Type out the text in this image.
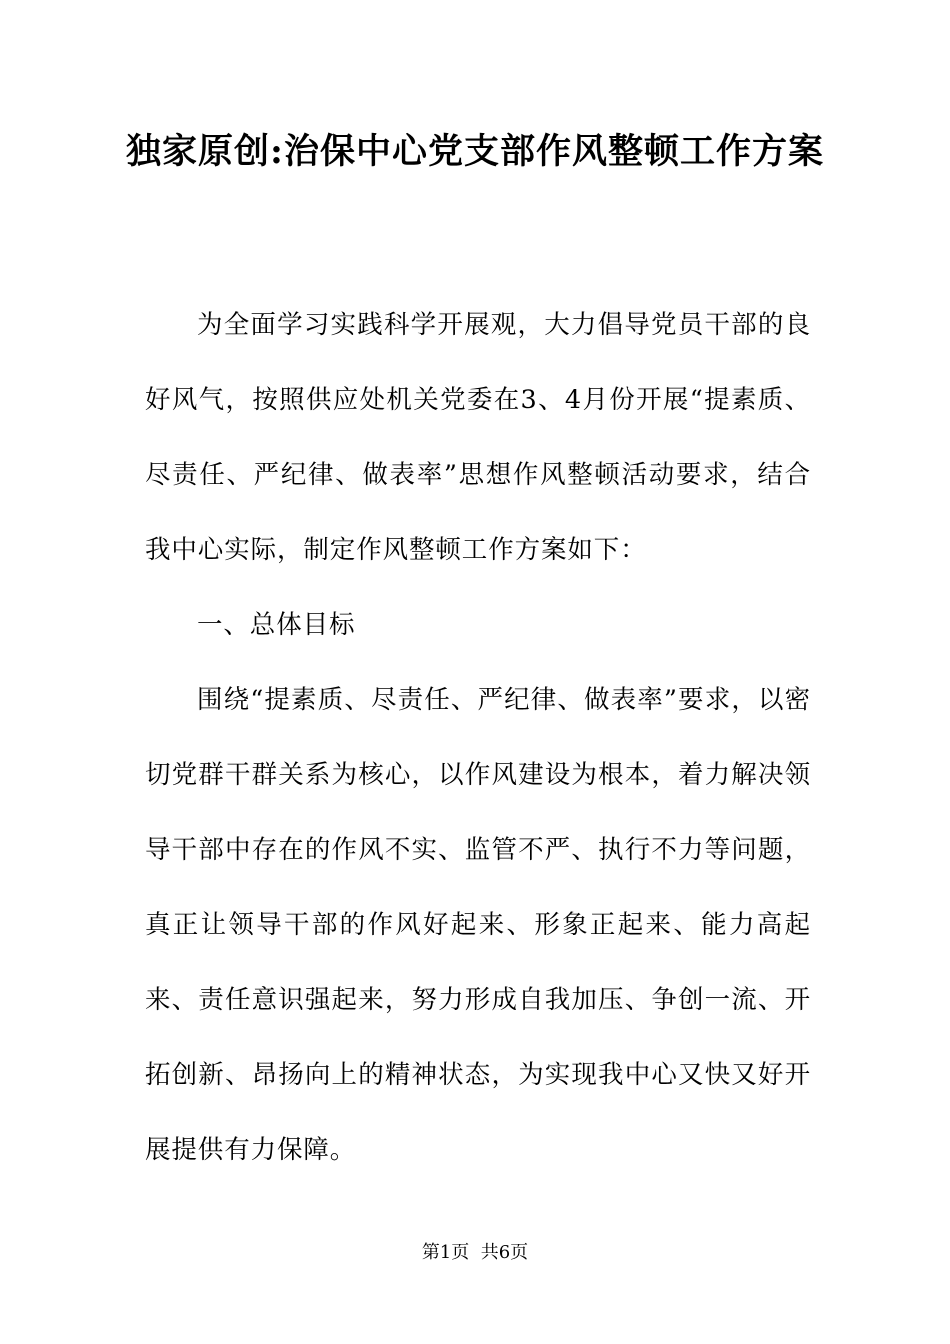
独家原创:治保中心党支部作风整顿工作方案

为全面学习实践科学开展观，大力倡导党员干部的良好风气，按照供应处机关党委在3、4月份开展“提素质、尽责任、严纪律、做表率”思想作风整顿活动要求，结合我中心实际，制定作风整顿工作方案如下：

一、总体目标

围绕“提素质、尽责任、严纪律、做表率”要求，以密切党群干群关系为核心，以作风建设为根本，着力解决领导干部中存在的作风不实、监管不严、执行不力等问题，真正让领导干部的作风好起来、形象正起来、能力高起来、责任意识强起来，努力形成自我加压、争创一流、开拓创新、昂扬向上的精神状态，为实现我中心又快又好开展提供有力保障。

第1页  共6页
